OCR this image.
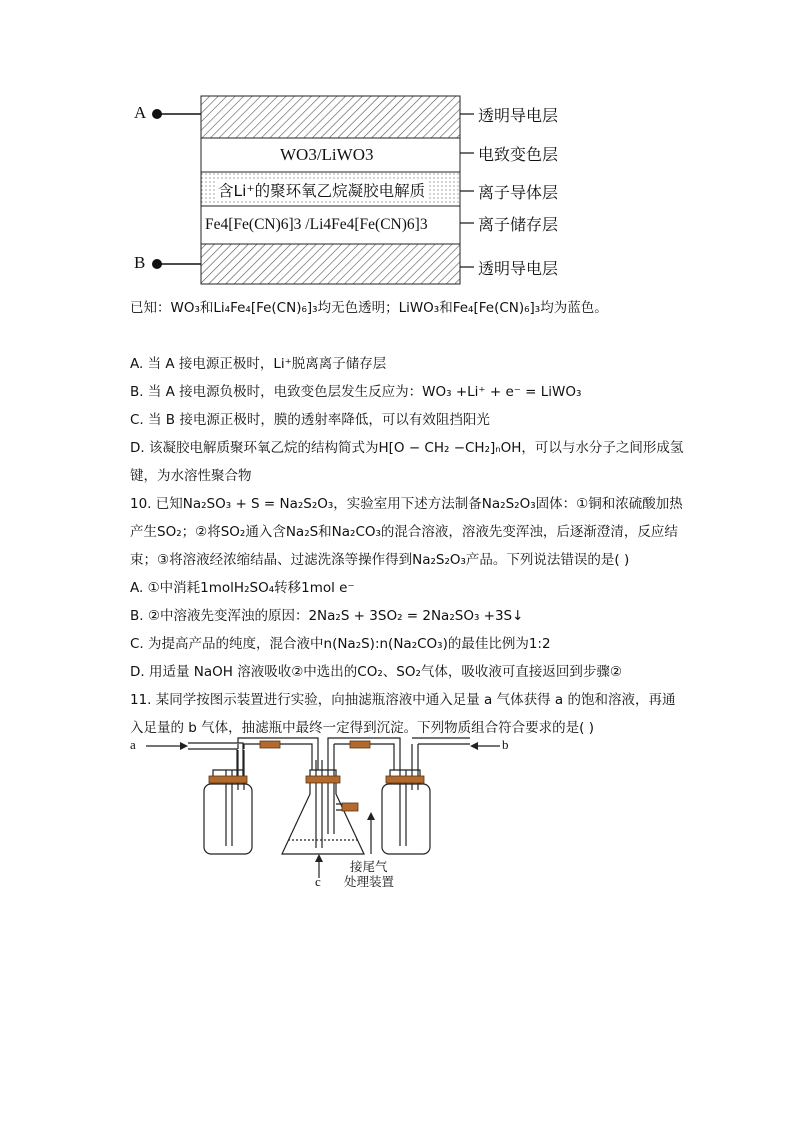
A
B
WO3/LiWO3
含Li⁺的聚环氧乙烷凝胶电解质
Fe4[Fe(CN)6]3 /Li4Fe4[Fe(CN)6]3
透明导电层
电致变色层
离子导体层
离子储存层
透明导电层
已知：WO₃和Li₄Fe₄[Fe(CN)₆]₃均无色透明；LiWO₃和Fe₄[Fe(CN)₆]₃均为蓝色。
A. 当 A 接电源正极时，Li⁺脱离离子储存层
B. 当 A 接电源负极时，电致变色层发生反应为：WO₃ +Li⁺ + e⁻ = LiWO₃
C. 当 B 接电源正极时，膜的透射率降低，可以有效阻挡阳光
D. 该凝胶电解质聚环氧乙烷的结构简式为H[O − CH₂ −CH₂]ₙOH，可以与水分子之间形成氢
键，为水溶性聚合物
10. 已知Na₂SO₃ + S = Na₂S₂O₃，实验室用下述方法制备Na₂S₂O₃固体：①铜和浓硫酸加热
产生SO₂；②将SO₂通入含Na₂S和Na₂CO₃的混合溶液，溶液先变浑浊，后逐渐澄清，反应结
束；③将溶液经浓缩结晶、过滤洗涤等操作得到Na₂S₂O₃产品。下列说法错误的是( )
A. ①中消耗1molH₂SO₄转移1mol e⁻
B. ②中溶液先变浑浊的原因：2Na₂S + 3SO₂ = 2Na₂SO₃ +3S↓
C. 为提高产品的纯度，混合液中n(Na₂S):n(Na₂CO₃)的最佳比例为1:2
D. 用适量 NaOH 溶液吸收②中选出的CO₂、SO₂气体，吸收液可直接返回到步骤②
11. 某同学按图示装置进行实验，向抽滤瓶溶液中通入足量 a 气体获得 a 的饱和溶液，再通
入足量的 b 气体，抽滤瓶中最终一定得到沉淀。下列物质组合符合要求的是( )
a	b
c
接尾气
处理装置
